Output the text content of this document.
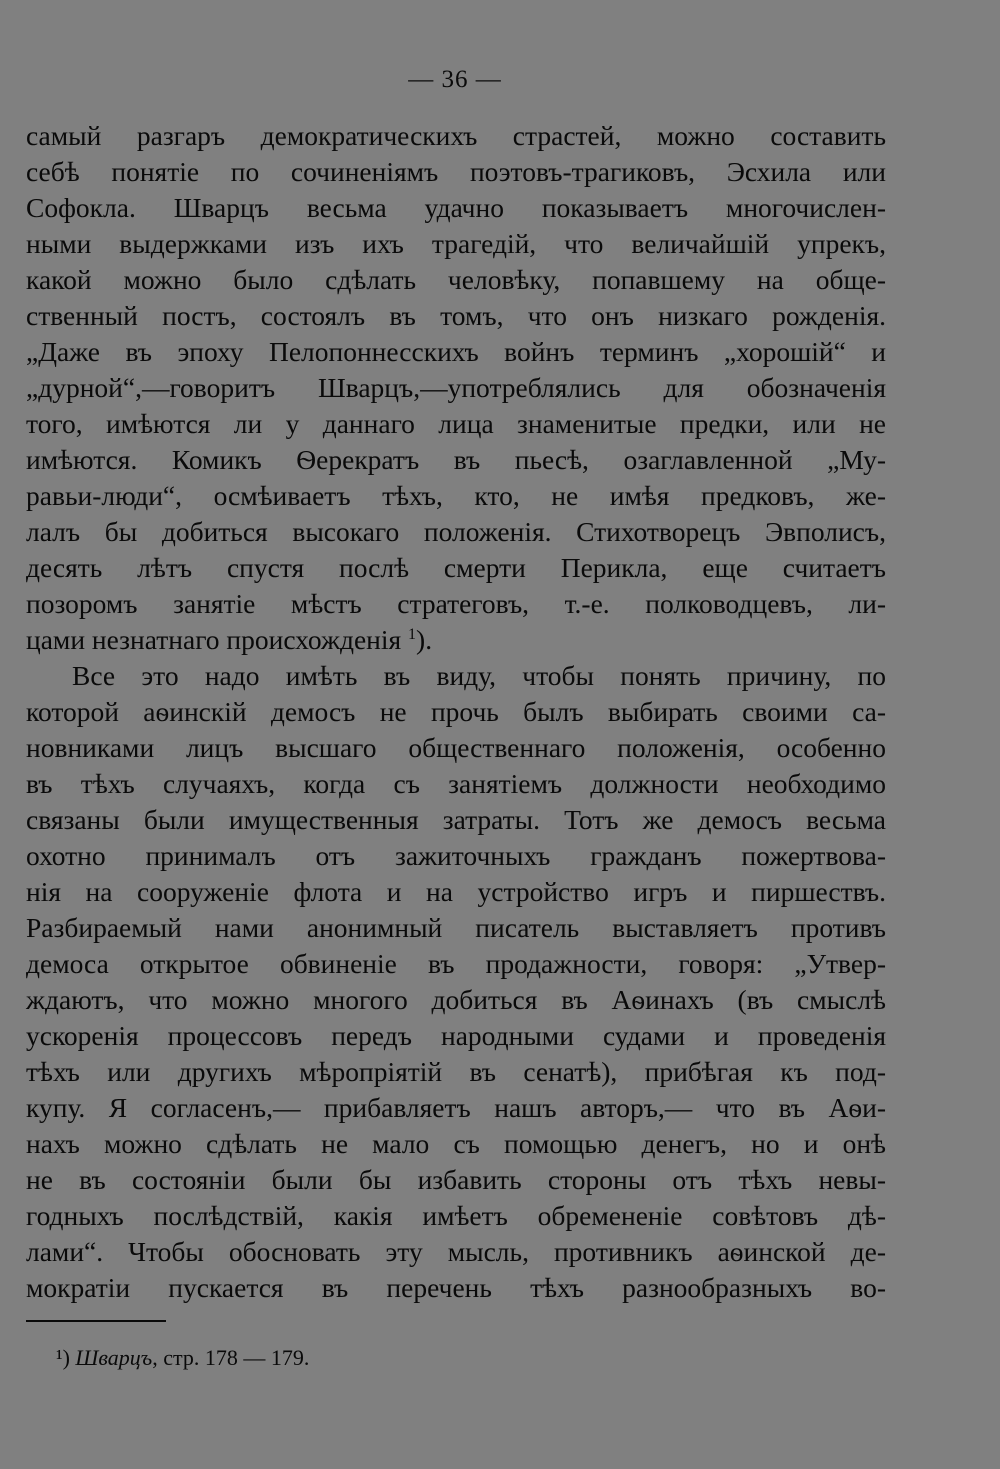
— 36 —
самый разгаръ демократическихъ страстей, можно составить
себѣ понятіе по сочиненіямъ поэтовъ-трагиковъ, Эсхила или
Софокла. Шварцъ весьма удачно показываетъ многочислен-
ными выдержками изъ ихъ трагедій, что величайшій упрекъ,
какой можно было сдѣлать человѣку, попавшему на обще-
ственный постъ, состоялъ въ томъ, что онъ низкаго рожденія.
„Даже въ эпоху Пелопоннесскихъ войнъ терминъ „хорошій“ и
„дурной“,—говоритъ Шварцъ,—употреблялись для обозначенія
того, имѣются ли у даннаго лица знаменитые предки, или не
имѣются. Комикъ Ѳерекратъ въ пьесѣ, озаглавленной „Му-
равьи-люди“, осмѣиваетъ тѣхъ, кто, не имѣя предковъ, же-
лалъ бы добиться высокаго положенія. Стихотворецъ Эвполисъ,
десять лѣтъ спустя послѣ смерти Перикла, еще считаетъ
позоромъ занятіе мѣстъ стратеговъ, т.-е. полководцевъ, ли-
цами незнатнаго происхожденія $^1$).
Все это надо имѣть въ виду, чтобы понять причину, по
которой аѳинскій демосъ не прочь былъ выбирать своими са-
новниками лицъ высшаго общественнаго положенія, особенно
въ тѣхъ случаяхъ, когда съ занятіемъ должности необходимо
связаны были имущественныя затраты. Тотъ же демосъ весьма
охотно принималъ отъ зажиточныхъ гражданъ пожертвова-
нія на сооруженіе флота и на устройство игръ и пиршествъ.
Разбираемый нами анонимный писатель выставляетъ противъ
демоса открытое обвиненіе въ продажности, говоря: „Утвер-
ждаютъ, что можно многого добиться въ Аѳинахъ (въ смыслѣ
ускоренія процессовъ передъ народными судами и проведенія
тѣхъ или другихъ мѣропріятій въ сенатѣ), прибѣгая къ под-
купу. Я согласенъ,— прибавляетъ нашъ авторъ,— что въ Аѳи-
нахъ можно сдѣлать не мало съ помощью денегъ, но и онѣ
не въ состояніи были бы избавить стороны отъ тѣхъ невы-
годныхъ послѣдствій, какія имѣетъ обремененіе совѣтовъ дѣ-
лами“. Чтобы обосновать эту мысль, противникъ аѳинской де-
мократіи пускается въ перечень тѣхъ разнообразныхъ во-
¹) Шварцъ, стр. 178 — 179.
